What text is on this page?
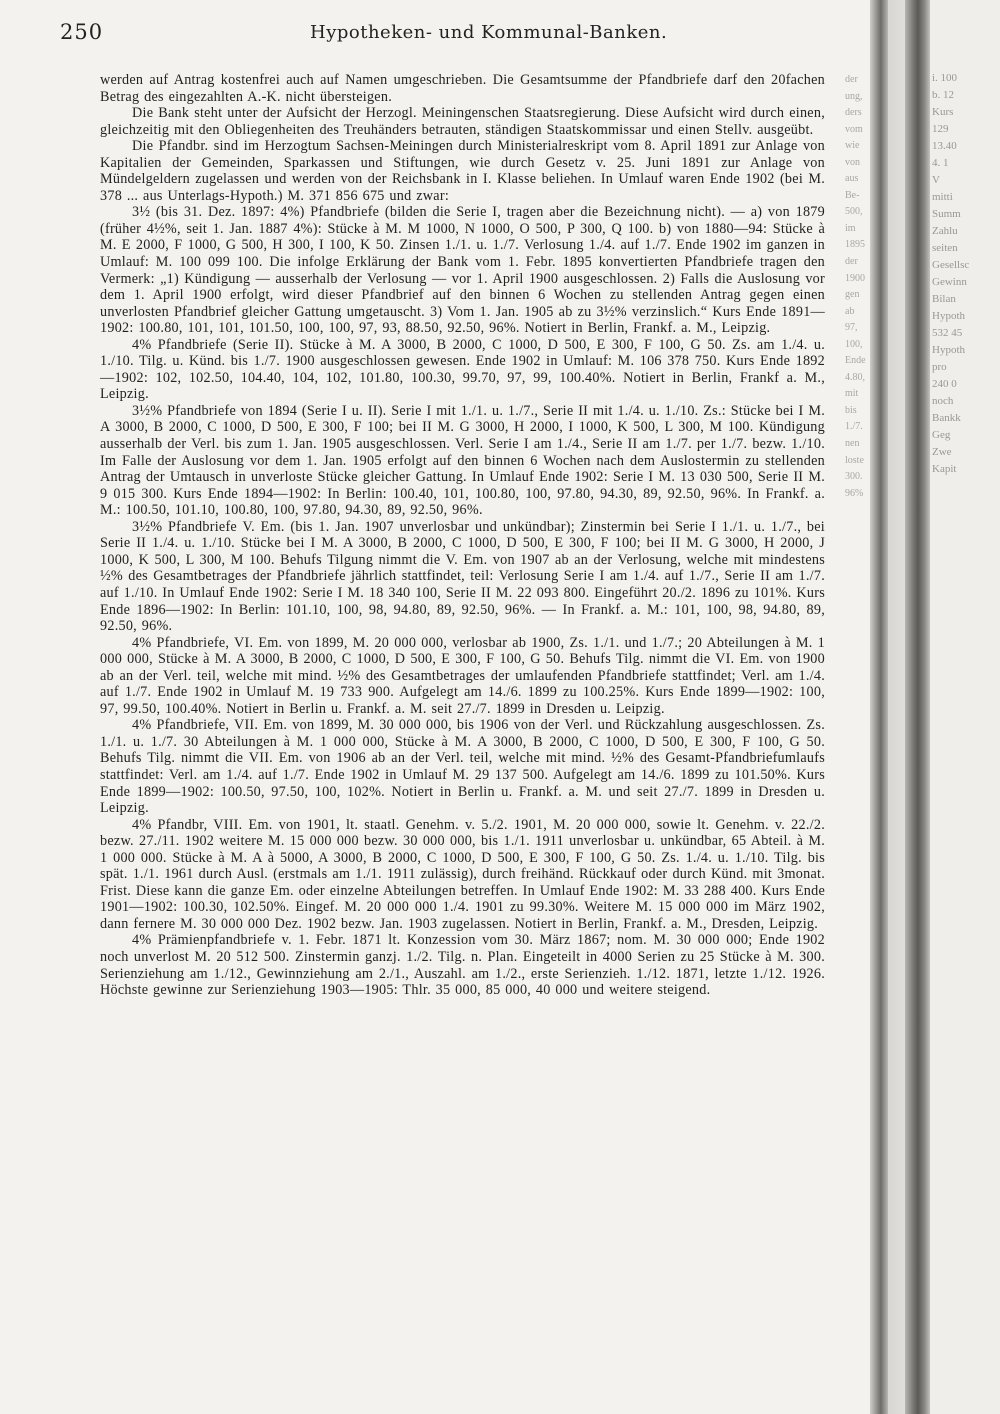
250	Hypotheken- und Kommunal-Banken.

werden auf Antrag kostenfrei auch auf Namen umgeschrieben. Die Gesamtsumme der Pfandbriefe darf den 20fachen Betrag des eingezahlten A.-K. nicht übersteigen.

Die Bank steht unter der Aufsicht der Herzogl. Meiningenschen Staatsregierung. Diese Aufsicht wird durch einen, gleichzeitig mit den Obliegenheiten des Treuhänders betrauten, ständigen Staatskommissar und einen Stellv. ausgeübt.

Die Pfandbr. sind im Herzogtum Sachsen-Meiningen durch Ministerialreskript vom 8. April 1891 zur Anlage von Kapitalien der Gemeinden, Sparkassen und Stiftungen, wie durch Gesetz v. 25. Juni 1891 zur Anlage von Mündelgeldern zugelassen und werden von der Reichsbank in I. Klasse beliehen. In Umlauf waren Ende 1902 (bei M. 378 ... aus Unterlags-Hypoth.) M. 371 856 675 und zwar:

3½ (bis 31. Dez. 1897: 4%) Pfandbriefe (bilden die Serie I, tragen aber die Bezeichnung nicht). — a) von 1879 (früher 4½%, seit 1. Jan. 1887 4%): Stücke à M. M 1000, N 1000, O 500, P 300, Q 100. b) von 1880—94: Stücke à M. E 2000, F 1000, G 500, H 300, I 100, K 50. Zinsen 1./1. u. 1./7. Verlosung 1./4. auf 1./7. Ende 1902 im ganzen in Umlauf: M. 100 099 100. Die infolge Erklärung der Bank vom 1. Febr. 1895 konvertierten Pfandbriefe tragen den Vermerk: „1) Kündigung — ausserhalb der Verlosung — vor 1. April 1900 ausgeschlossen. 2) Falls die Auslosung vor dem 1. April 1900 erfolgt, wird dieser Pfandbrief auf den binnen 6 Wochen zu stellenden Antrag gegen einen unverlosten Pfandbrief gleicher Gattung umgetauscht. 3) Vom 1. Jan. 1905 ab zu 3½% verzinslich.“ Kurs Ende 1891—1902: 100.80, 101, 101, 101.50, 100, 100, 97, 93, 88.50, 92.50, 96%. Notiert in Berlin, Frankf. a. M., Leipzig.

4% Pfandbriefe (Serie II). Stücke à M. A 3000, B 2000, C 1000, D 500, E 300, F 100, G 50. Zs. am 1./4. u. 1./10. Tilg. u. Künd. bis 1./7. 1900 ausgeschlossen gewesen. Ende 1902 in Umlauf: M. 106 378 750. Kurs Ende 1892—1902: 102, 102.50, 104.40, 104, 102, 101.80, 100.30, 99.70, 97, 99, 100.40%. Notiert in Berlin, Frankf a. M., Leipzig.

3½% Pfandbriefe von 1894 (Serie I u. II). Serie I mit 1./1. u. 1./7., Serie II mit 1./4. u. 1./10. Zs.: Stücke bei I M. A 3000, B 2000, C 1000, D 500, E 300, F 100; bei II M. G 3000, H 2000, I 1000, K 500, L 300, M 100. Kündigung ausserhalb der Verl. bis zum 1. Jan. 1905 ausgeschlossen. Verl. Serie I am 1./4., Serie II am 1./7. per 1./7. bezw. 1./10. Im Falle der Auslosung vor dem 1. Jan. 1905 erfolgt auf den binnen 6 Wochen nach dem Auslostermin zu stellenden Antrag der Umtausch in unverloste Stücke gleicher Gattung. In Umlauf Ende 1902: Serie I M. 13 030 500, Serie II M. 9 015 300. Kurs Ende 1894—1902: In Berlin: 100.40, 101, 100.80, 100, 97.80, 94.30, 89, 92.50, 96%. In Frankf. a. M.: 100.50, 101.10, 100.80, 100, 97.80, 94.30, 89, 92.50, 96%.

3½% Pfandbriefe V. Em. (bis 1. Jan. 1907 unverlosbar und unkündbar); Zinstermin bei Serie I 1./1. u. 1./7., bei Serie II 1./4. u. 1./10. Stücke bei I M. A 3000, B 2000, C 1000, D 500, E 300, F 100; bei II M. G 3000, H 2000, J 1000, K 500, L 300, M 100. Behufs Tilgung nimmt die V. Em. von 1907 ab an der Verlosung, welche mit mindestens ½% des Gesamtbetrages der Pfandbriefe jährlich stattfindet, teil: Verlosung Serie I am 1./4. auf 1./7., Serie II am 1./7. auf 1./10. In Umlauf Ende 1902: Serie I M. 18 340 100, Serie II M. 22 093 800. Eingeführt 20./2. 1896 zu 101%. Kurs Ende 1896—1902: In Berlin: 101.10, 100, 98, 94.80, 89, 92.50, 96%. — In Frankf. a. M.: 101, 100, 98, 94.80, 89, 92.50, 96%.

4% Pfandbriefe, VI. Em. von 1899, M. 20 000 000, verlosbar ab 1900, Zs. 1./1. und 1./7.; 20 Abteilungen à M. 1 000 000, Stücke à M. A 3000, B 2000, C 1000, D 500, E 300, F 100, G 50. Behufs Tilg. nimmt die VI. Em. von 1900 ab an der Verl. teil, welche mit mind. ½% des Gesamtbetrages der umlaufenden Pfandbriefe stattfindet; Verl. am 1./4. auf 1./7. Ende 1902 in Umlauf M. 19 733 900. Aufgelegt am 14./6. 1899 zu 100.25%. Kurs Ende 1899—1902: 100, 97, 99.50, 100.40%. Notiert in Berlin u. Frankf. a. M. seit 27./7. 1899 in Dresden u. Leipzig.

4% Pfandbriefe, VII. Em. von 1899, M. 30 000 000, bis 1906 von der Verl. und Rückzahlung ausgeschlossen. Zs. 1./1. u. 1./7. 30 Abteilungen à M. 1 000 000, Stücke à M. A 3000, B 2000, C 1000, D 500, E 300, F 100, G 50. Behufs Tilg. nimmt die VII. Em. von 1906 ab an der Verl. teil, welche mit mind. ½% des Gesamt-Pfandbriefumlaufs stattfindet: Verl. am 1./4. auf 1./7. Ende 1902 in Umlauf M. 29 137 500. Aufgelegt am 14./6. 1899 zu 101.50%. Kurs Ende 1899—1902: 100.50, 97.50, 100, 102%. Notiert in Berlin u. Frankf. a. M. und seit 27./7. 1899 in Dresden u. Leipzig.

4% Pfandbr, VIII. Em. von 1901, lt. staatl. Genehm. v. 5./2. 1901, M. 20 000 000, sowie lt. Genehm. v. 22./2. bezw. 27./11. 1902 weitere M. 15 000 000 bezw. 30 000 000, bis 1./1. 1911 unverlosbar u. unkündbar, 65 Abteil. à M. 1 000 000. Stücke à M. A à 5000, A 3000, B 2000, C 1000, D 500, E 300, F 100, G 50. Zs. 1./4. u. 1./10. Tilg. bis spät. 1./1. 1961 durch Ausl. (erstmals am 1./1. 1911 zulässig), durch freihänd. Rückkauf oder durch Künd. mit 3monat. Frist. Diese kann die ganze Em. oder einzelne Abteilungen betreffen. In Umlauf Ende 1902: M. 33 288 400. Kurs Ende 1901—1902: 100.30, 102.50%. Eingef. M. 20 000 000 1./4. 1901 zu 99.30%. Weitere M. 15 000 000 im März 1902, dann fernere M. 30 000 000 Dez. 1902 bezw. Jan. 1903 zugelassen. Notiert in Berlin, Frankf. a. M., Dresden, Leipzig.

4% Prämienpfandbriefe v. 1. Febr. 1871 lt. Konzession vom 30. März 1867; nom. M. 30 000 000; Ende 1902 noch unverlost M. 20 512 500. Zinstermin ganzj. 1./2. Tilg. n. Plan. Eingeteilt in 4000 Serien zu 25 Stücke à M. 300. Serienziehung am 1./12., Gewinnziehung am 2./1., Auszahl. am 1./2., erste Serienzieh. 1./12. 1871, letzte 1./12. 1926. Höchste gewinne zur Serienziehung 1903—1905: Thlr. 35 000, 85 000, 40 000 und weitere steigend.

der
ung,
ders
vom
wie
von
aus
Be-
500,
im
1895
der
1900
gen
ab
97,
100,
Ende
4.80,
mit
bis
1./7.
nen
loste
300.
96%
i. 100
b. 12
Kurs
129
13.40
4. 1
V
mitti
Summ
Zahlu
seiten
Gesellsc
Gewinn
Bilan
Hypoth
532 45
Hypoth
pro
240 0
noch
Bankk
Geg
Zwe
Kapit
